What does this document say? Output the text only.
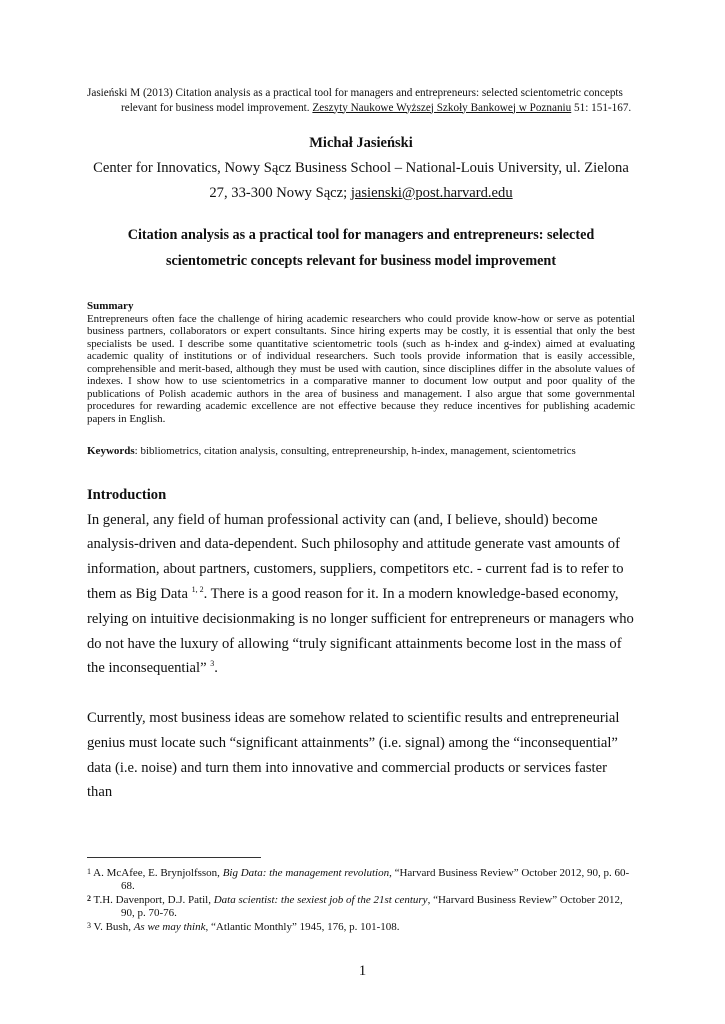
Jasieński M (2013) Citation analysis as a practical tool for managers and entrepreneurs: selected scientometric concepts relevant for business model improvement. Zeszyty Naukowe Wyższej Szkoły Bankowej w Poznaniu 51: 151-167.
Michał Jasieński
Center for Innovatics, Nowy Sącz Business School – National-Louis University, ul. Zielona 27, 33-300 Nowy Sącz; jasienski@post.harvard.edu
Citation analysis as a practical tool for managers and entrepreneurs: selected scientometric concepts relevant for business model improvement
Summary
Entrepreneurs often face the challenge of hiring academic researchers who could provide know-how or serve as potential business partners, collaborators or expert consultants. Since hiring experts may be costly, it is essential that only the best specialists be used. I describe some quantitative scientometric tools (such as h-index and g-index) aimed at evaluating academic quality of institutions or of individual researchers. Such tools provide information that is easily accessible, comprehensible and merit-based, although they must be used with caution, since disciplines differ in the absolute values of indexes. I show how to use scientometrics in a comparative manner to document low output and poor quality of the publications of Polish academic authors in the area of business and management. I also argue that some governmental procedures for rewarding academic excellence are not effective because they reduce incentives for publishing academic papers in English.
Keywords: bibliometrics, citation analysis, consulting, entrepreneurship, h-index, management, scientometrics
Introduction

In general, any field of human professional activity can (and, I believe, should) become analysis-driven and data-dependent. Such philosophy and attitude generate vast amounts of information, about partners, customers, suppliers, competitors etc. - current fad is to refer to them as Big Data $^{1, 2}$. There is a good reason for it. In a modern knowledge-based economy, relying on intuitive decisionmaking is no longer sufficient for entrepreneurs or managers who do not have the luxury of allowing “truly significant attainments become lost in the mass of the inconsequential” $^3$.

Currently, most business ideas are somehow related to scientific results and entrepreneurial genius must locate such “significant attainments” (i.e. signal) among the “inconsequential” data (i.e. noise) and turn them into innovative and commercial products or services faster than

1 A. McAfee, E. Brynjolfsson, Big Data: the management revolution, “Harvard Business Review” October 2012, 90, p. 60-68.
2 T.H. Davenport, D.J. Patil, Data scientist: the sexiest job of the 21st century, “Harvard Business Review” October 2012, 90, p. 70-76.
3 V. Bush, As we may think, “Atlantic Monthly” 1945, 176, p. 101-108.
1
